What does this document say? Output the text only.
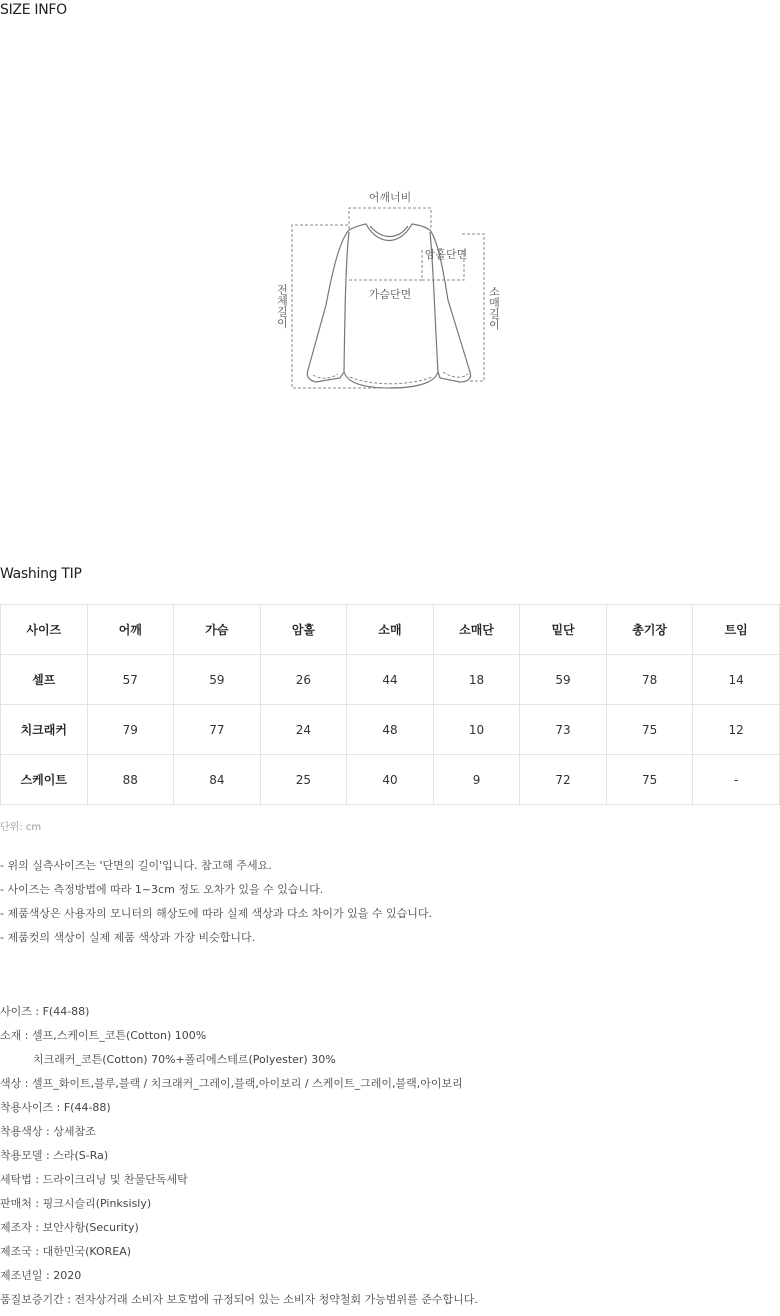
SIZE INFO
어깨너비
암홀단면
가슴단면
전체길이	소매길이
Washing TIP
사이즈	어깨	가슴	암홀	소매	소매단	밑단	총기장	트임
셀프	57	59	26	44	18	59	78	14
치크래커	79	77	24	48	10	73	75	12
스케이트	88	84	25	40	9	72	75	-
단위: cm
- 위의 실측사이즈는 '단면의 길이'입니다. 참고해 주세요.
- 사이즈는 측정방법에 따라 1~3cm 정도 오차가 있을 수 있습니다.
- 제품색상은 사용자의 모니터의 해상도에 따라 실제 색상과 다소 차이가 있을 수 있습니다.
- 제품컷의 색상이 실제 제품 색상과 가장 비슷합니다.
사이즈 : F(44-88)
소재 : 셀프,스케이트_코튼(Cotton) 100%
치크래커_코튼(Cotton) 70%+폴리에스테르(Polyester) 30%
색상 : 셀프_화이트,블루,블랙 / 치크래커_그레이,블랙,아이보리 / 스케이트_그레이,블랙,아이보리
착용사이즈 : F(44-88)
착용색상 : 상세참조
착용모델 : 스라(S-Ra)
세탁법 : 드라이크리닝 및 찬물단독세탁
판매처 : 핑크시슬리(Pinksisly)
제조자 : 보안사항(Security)
제조국 : 대한민국(KOREA)
제조년일 : 2020
품질보증기간 : 전자상거래 소비자 보호법에 규정되어 있는 소비자 청약철회 가능범위를 준수합니다.
